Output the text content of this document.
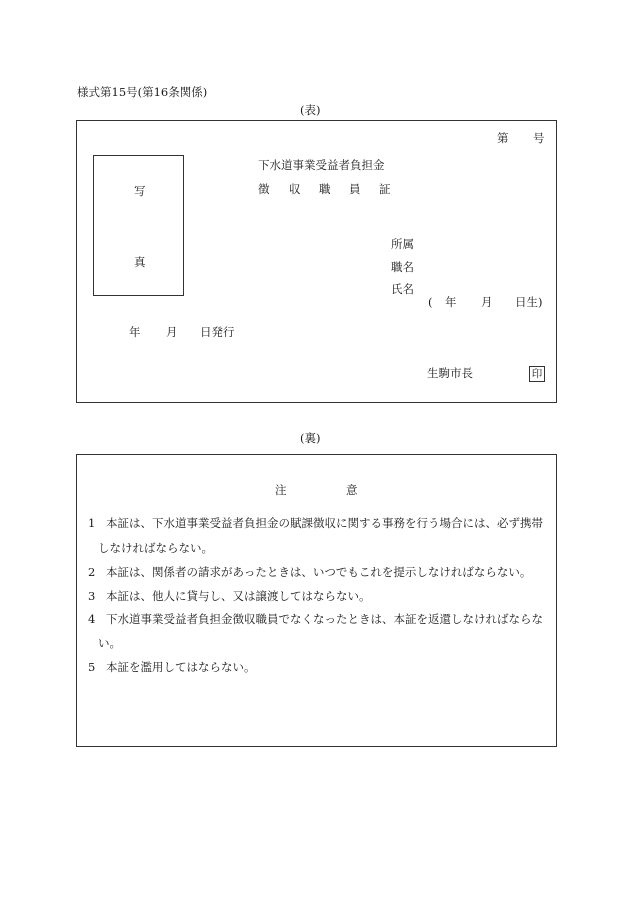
様式第15号(第16条関係)
(表)
第 号
写
真
下水道事業受益者負担金
徴 収 職 員 証
所属
職名
氏名
( 年 月 日生)
年 月 日発行
生駒市長	印
(裏)
注	意
1 本証は、下水道事業受益者負担金の賦課徴収に関する事務を行う場合には、必ず携帯
しなければならない。
2 本証は、関係者の請求があったときは、いつでもこれを提示しなければならない。
3 本証は、他人に貸与し、又は譲渡してはならない。
4 下水道事業受益者負担金徴収職員でなくなったときは、本証を返還しなければならな
い。
5 本証を濫用してはならない。
